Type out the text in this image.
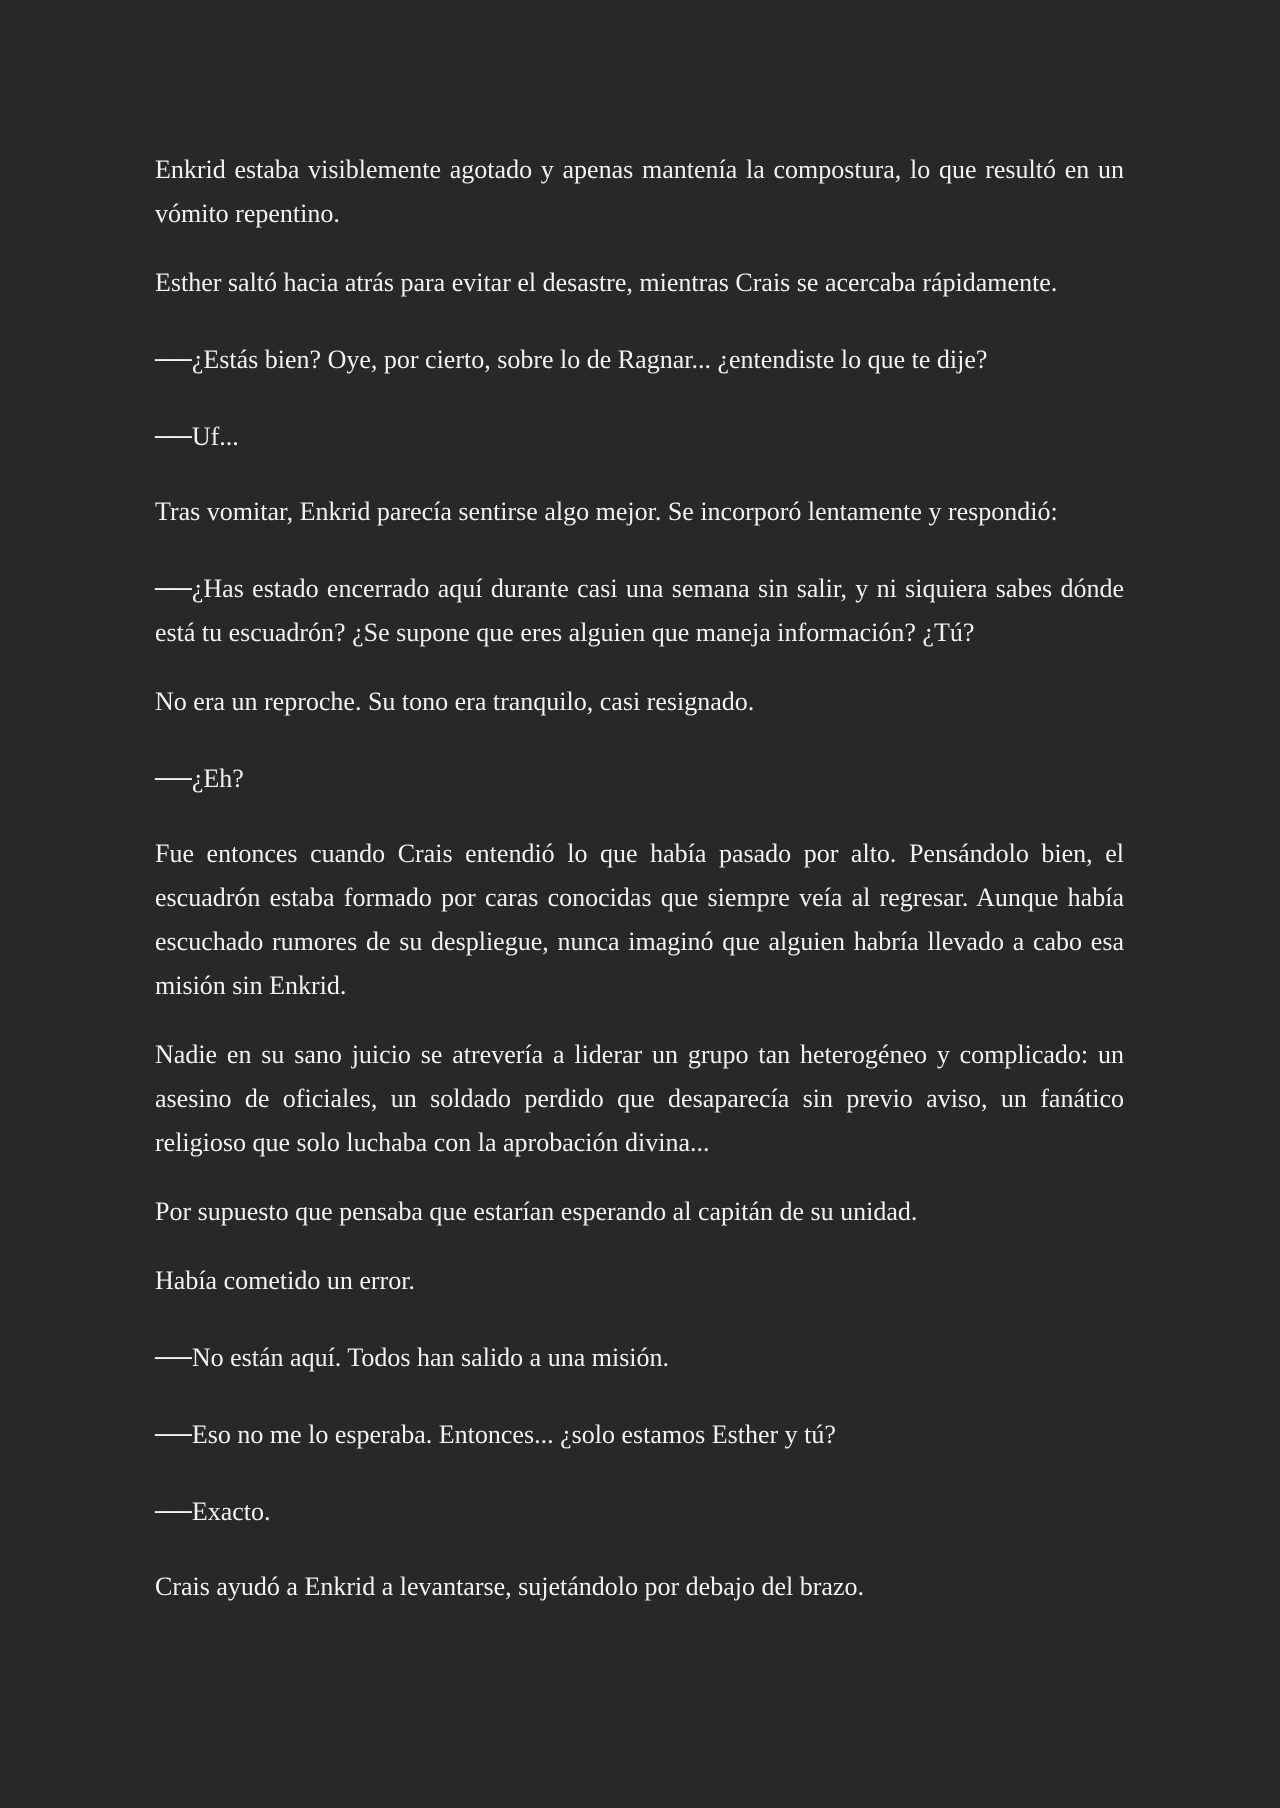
Enkrid estaba visiblemente agotado y apenas mantenía la compostura, lo que resultó en un vómito repentino.

Esther saltó hacia atrás para evitar el desastre, mientras Crais se acercaba rápidamente.

──¿Estás bien? Oye, por cierto, sobre lo de Ragnar... ¿entendiste lo que te dije?

──Uf...

Tras vomitar, Enkrid parecía sentirse algo mejor. Se incorporó lentamente y respondió:

──¿Has estado encerrado aquí durante casi una semana sin salir, y ni siquiera sabes dónde está tu escuadrón? ¿Se supone que eres alguien que maneja información? ¿Tú?

No era un reproche. Su tono era tranquilo, casi resignado.

──¿Eh?

Fue entonces cuando Crais entendió lo que había pasado por alto. Pensándolo bien, el escuadrón estaba formado por caras conocidas que siempre veía al regresar. Aunque había escuchado rumores de su despliegue, nunca imaginó que alguien habría llevado a cabo esa misión sin Enkrid.

Nadie en su sano juicio se atrevería a liderar un grupo tan heterogéneo y complicado: un asesino de oficiales, un soldado perdido que desaparecía sin previo aviso, un fanático religioso que solo luchaba con la aprobación divina...

Por supuesto que pensaba que estarían esperando al capitán de su unidad.

Había cometido un error.

──No están aquí. Todos han salido a una misión.

──Eso no me lo esperaba. Entonces... ¿solo estamos Esther y tú?

──Exacto.

Crais ayudó a Enkrid a levantarse, sujetándolo por debajo del brazo.
